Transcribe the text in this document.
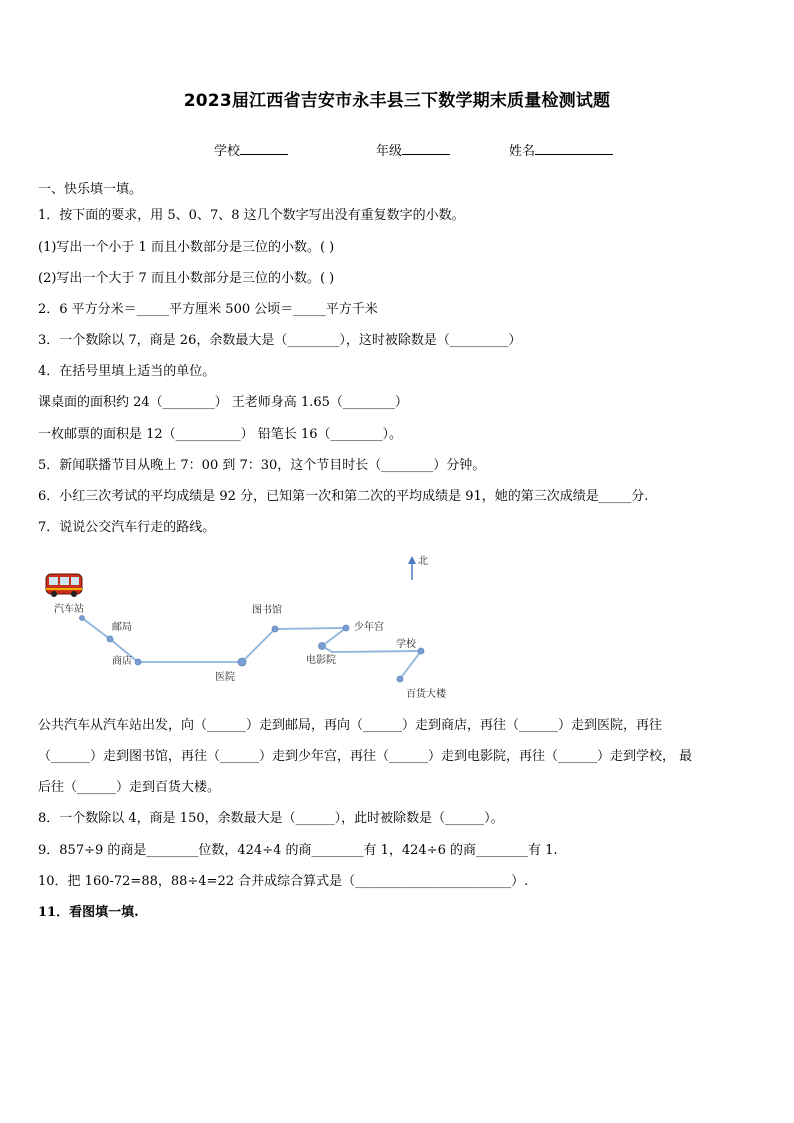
2023届江西省吉安市永丰县三下数学期末质量检测试题
学校	年级	姓名
一、快乐填一填。
1．按下面的要求，用 5、0、7、8 这几个数字写出没有重复数字的小数。
(1)写出一个小于 1 而且小数部分是三位的小数。( )
(2)写出一个大于 7 而且小数部分是三位的小数。( )
2．6 平方分米＝_____平方厘米 500 公顷＝_____平方千米
3．一个数除以 7，商是 26，余数最大是（________），这时被除数是（_________）
4．在括号里填上适当的单位。
课桌面的面积约 24（________） 王老师身高 1.65（________）
一枚邮票的面积是 12（__________） 铅笔长 16（________）。
5．新闻联播节目从晚上 7：00 到 7：30，这个节目时长（________）分钟。
6．小红三次考试的平均成绩是 92 分，已知第一次和第二次的平均成绩是 91，她的第三次成绩是_____分.
7．说说公交汽车行走的路线。
北
汽车站
邮局
商店
医院
图书馆
少年宫
电影院
学校
百货大楼
公共汽车从汽车站出发，向（______）走到邮局，再向（______）走到商店，再往（______）走到医院，再往
（______）走到图书馆，再往（______）走到少年宫，再往（______）走到电影院，再往（______）走到学校， 最
后往（______）走到百货大楼。
8．一个数除以 4，商是 150，余数最大是（______），此时被除数是（______）。
9．857÷9 的商是________位数，424÷4 的商________有 1，424÷6 的商________有 1.
10．把 160-72=88，88÷4=22 合并成综合算式是（________________________）.
11．看图填一填.
